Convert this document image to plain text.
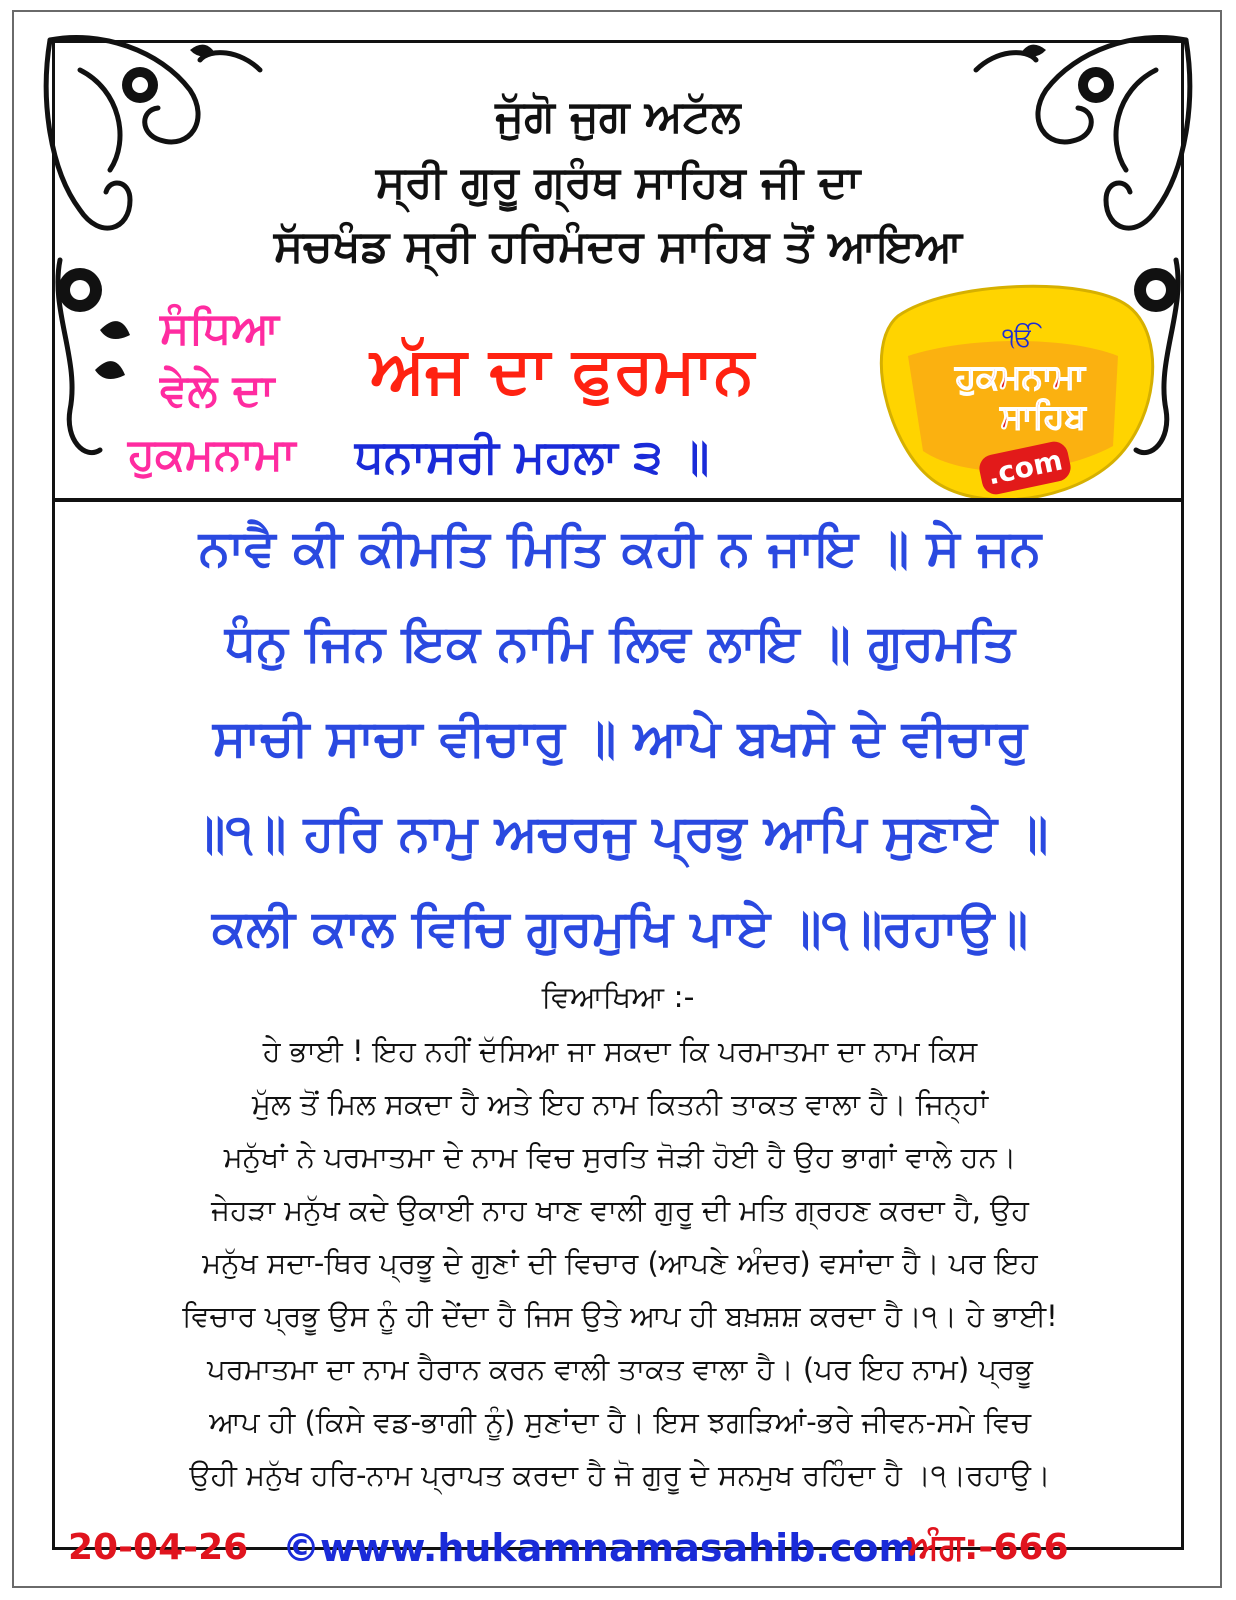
ਜੁੱਗੋ ਜੁਗ ਅਟੱਲ
ਸ੍ਰੀ ਗੁਰੂ ਗ੍ਰੰਥ ਸਾਹਿਬ ਜੀ ਦਾ
ਸੱਚਖੰਡ ਸ੍ਰੀ ਹਰਿਮੰਦਰ ਸਾਹਿਬ ਤੋਂ ਆਇਆ
ਸੰਧਿਆ
ਵੇਲੇ ਦਾ
ਹੁਕਮਨਾਮਾ
ਅੱਜ ਦਾ ਫੁਰਮਾਨ
ਧਨਾਸਰੀ ਮਹਲਾ ੩ ॥
ੴ
ਹੁਕਮਨਾਮਾ
ਸਾਹਿਬ
.com
ਨਾਵੈ ਕੀ ਕੀਮਤਿ ਮਿਤਿ ਕਹੀ ਨ ਜਾਇ ॥ ਸੇ ਜਨ
ਧੰਨੁ ਜਿਨ ਇਕ ਨਾਮਿ ਲਿਵ ਲਾਇ ॥ ਗੁਰਮਤਿ
ਸਾਚੀ ਸਾਚਾ ਵੀਚਾਰੁ ॥ ਆਪੇ ਬਖਸੇ ਦੇ ਵੀਚਾਰੁ
॥੧॥ ਹਰਿ ਨਾਮੁ ਅਚਰਜੁ ਪ੍ਰਭੁ ਆਪਿ ਸੁਣਾਏ ॥
ਕਲੀ ਕਾਲ ਵਿਚਿ ਗੁਰਮੁਖਿ ਪਾਏ ॥੧॥ਰਹਾਉ॥
ਵਿਆਖਿਆ :-
ਹੇ ਭਾਈ ! ਇਹ ਨਹੀਂ ਦੱਸਿਆ ਜਾ ਸਕਦਾ ਕਿ ਪਰਮਾਤਮਾ ਦਾ ਨਾਮ ਕਿਸ
ਮੁੱਲ ਤੋਂ ਮਿਲ ਸਕਦਾ ਹੈ ਅਤੇ ਇਹ ਨਾਮ ਕਿਤਨੀ ਤਾਕਤ ਵਾਲਾ ਹੈ। ਜਿਨ੍ਹਾਂ
ਮਨੁੱਖਾਂ ਨੇ ਪਰਮਾਤਮਾ ਦੇ ਨਾਮ ਵਿਚ ਸੁਰਤਿ ਜੋੜੀ ਹੋਈ ਹੈ ਉਹ ਭਾਗਾਂ ਵਾਲੇ ਹਨ।
ਜੇਹੜਾ ਮਨੁੱਖ ਕਦੇ ਉਕਾਈ ਨਾਹ ਖਾਣ ਵਾਲੀ ਗੁਰੂ ਦੀ ਮਤਿ ਗ੍ਰਹਣ ਕਰਦਾ ਹੈ, ਉਹ
ਮਨੁੱਖ ਸਦਾ-ਥਿਰ ਪ੍ਰਭੂ ਦੇ ਗੁਣਾਂ ਦੀ ਵਿਚਾਰ (ਆਪਣੇ ਅੰਦਰ) ਵਸਾਂਦਾ ਹੈ। ਪਰ ਇਹ
ਵਿਚਾਰ ਪ੍ਰਭੂ ਉਸ ਨੂੰ ਹੀ ਦੇਂਦਾ ਹੈ ਜਿਸ ਉਤੇ ਆਪ ਹੀ ਬਖ਼ਸ਼ਸ਼ ਕਰਦਾ ਹੈ।੧। ਹੇ ਭਾਈ!
ਪਰਮਾਤਮਾ ਦਾ ਨਾਮ ਹੈਰਾਨ ਕਰਨ ਵਾਲੀ ਤਾਕਤ ਵਾਲਾ ਹੈ। (ਪਰ ਇਹ ਨਾਮ) ਪ੍ਰਭੂ
ਆਪ ਹੀ (ਕਿਸੇ ਵਡ-ਭਾਗੀ ਨੂੰ) ਸੁਣਾਂਦਾ ਹੈ। ਇਸ ਝਗੜਿਆਂ-ਭਰੇ ਜੀਵਨ-ਸਮੇ ਵਿਚ
ਉਹੀ ਮਨੁੱਖ ਹਰਿ-ਨਾਮ ਪ੍ਰਾਪਤ ਕਰਦਾ ਹੈ ਜੋ ਗੁਰੂ ਦੇ ਸਨਮੁਖ ਰਹਿੰਦਾ ਹੈ ।੧।ਰਹਾਉ।
20-04-26 ©www.hukamnamasahib.com
ਅੰਗ:-666
